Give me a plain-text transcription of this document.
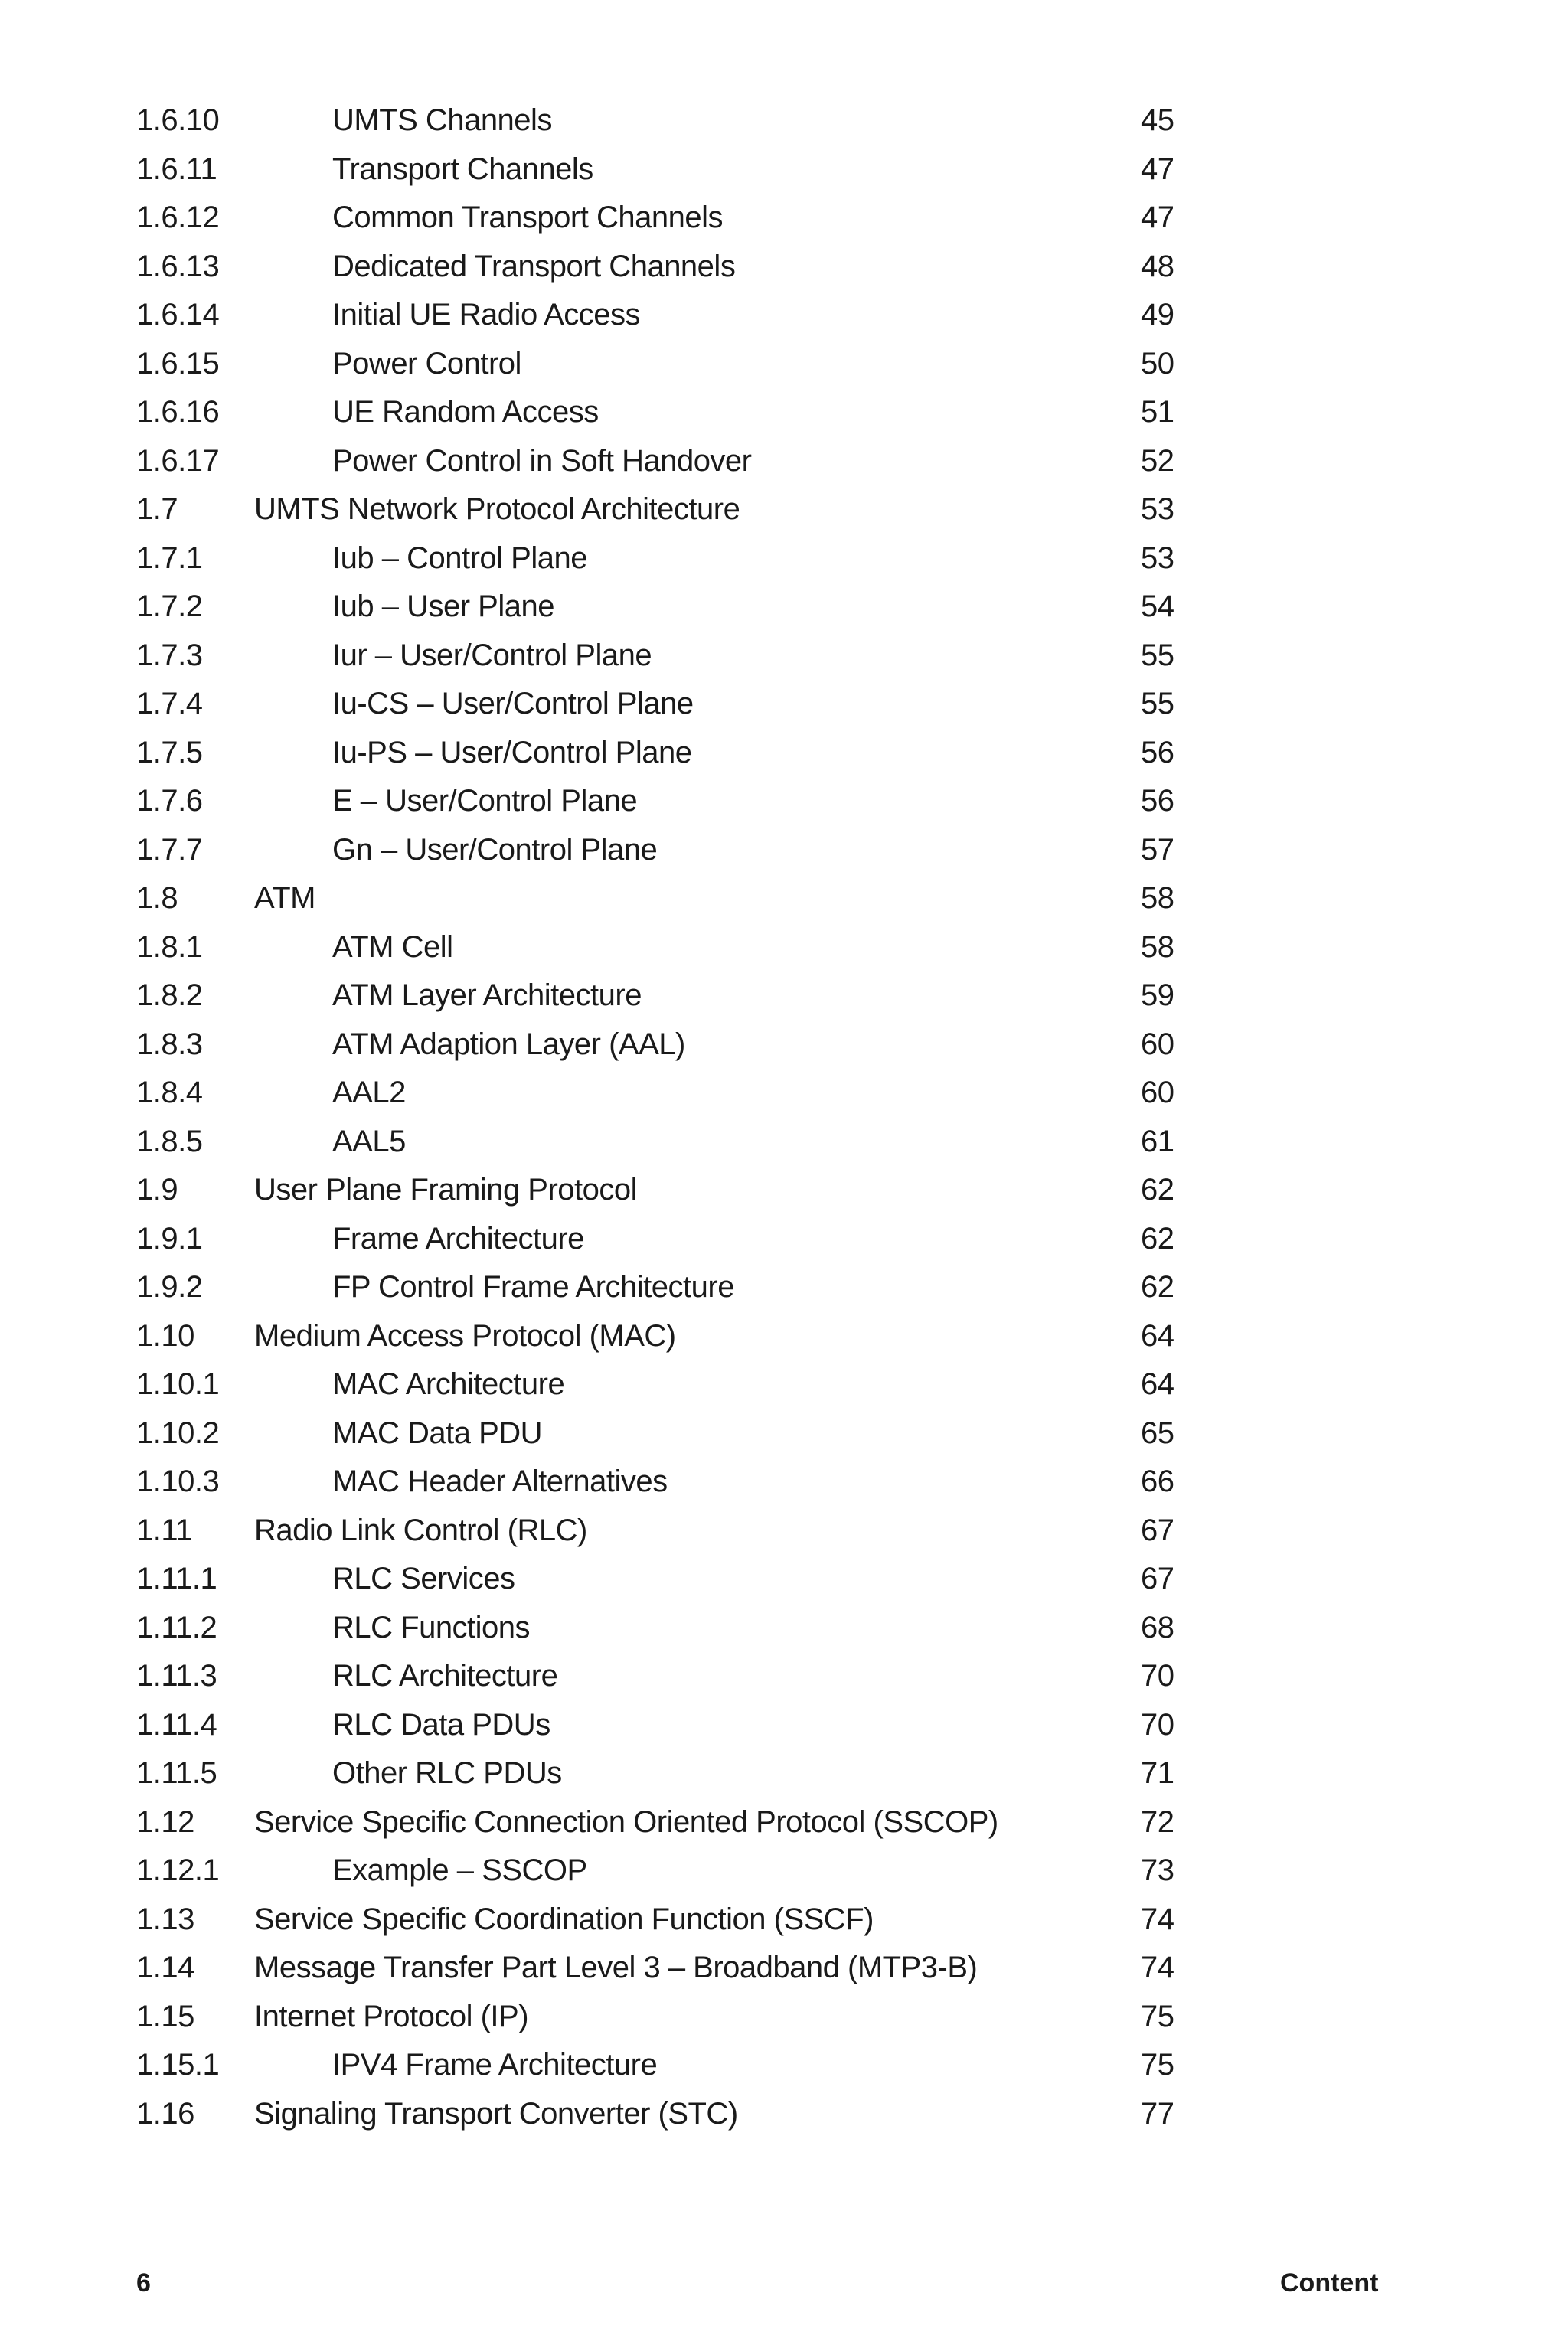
1.6.10	UMTS Channels	45
1.6.11	Transport Channels	47
1.6.12	Common Transport Channels	47
1.6.13	Dedicated Transport Channels	48
1.6.14	Initial UE Radio Access	49
1.6.15	Power Control	50
1.6.16	UE Random Access	51
1.6.17	Power Control in Soft Handover	52
1.7 UMTS Network Protocol Architecture	53
1.7.1	Iub – Control Plane	53
1.7.2	Iub – User Plane	54
1.7.3	Iur – User/Control Plane	55
1.7.4	Iu-CS – User/Control Plane	55
1.7.5	Iu-PS – User/Control Plane	56
1.7.6	E – User/Control Plane	56
1.7.7	Gn – User/Control Plane	57
1.8 ATM	58
1.8.1	ATM Cell	58
1.8.2	ATM Layer Architecture	59
1.8.3	ATM Adaption Layer (AAL)	60
1.8.4	AAL2	60
1.8.5	AAL5	61
1.9 User Plane Framing Protocol	62
1.9.1	Frame Architecture	62
1.9.2	FP Control Frame Architecture	62
1.10 Medium Access Protocol (MAC)	64
1.10.1	MAC Architecture	64
1.10.2	MAC Data PDU	65
1.10.3	MAC Header Alternatives	66
1.11 Radio Link Control (RLC)	67
1.11.1	RLC Services	67
1.11.2	RLC Functions	68
1.11.3	RLC Architecture	70
1.11.4	RLC Data PDUs	70
1.11.5	Other RLC PDUs	71
1.12 Service Specific Connection Oriented Protocol (SSCOP)	72
1.12.1	Example – SSCOP	73
1.13 Service Specific Coordination Function (SSCF)	74
1.14 Message Transfer Part Level 3 – Broadband (MTP3-B)	74
1.15 Internet Protocol (IP)	75
1.15.1	IPV4 Frame Architecture	75
1.16 Signaling Transport Converter (STC)	77
6	Content
